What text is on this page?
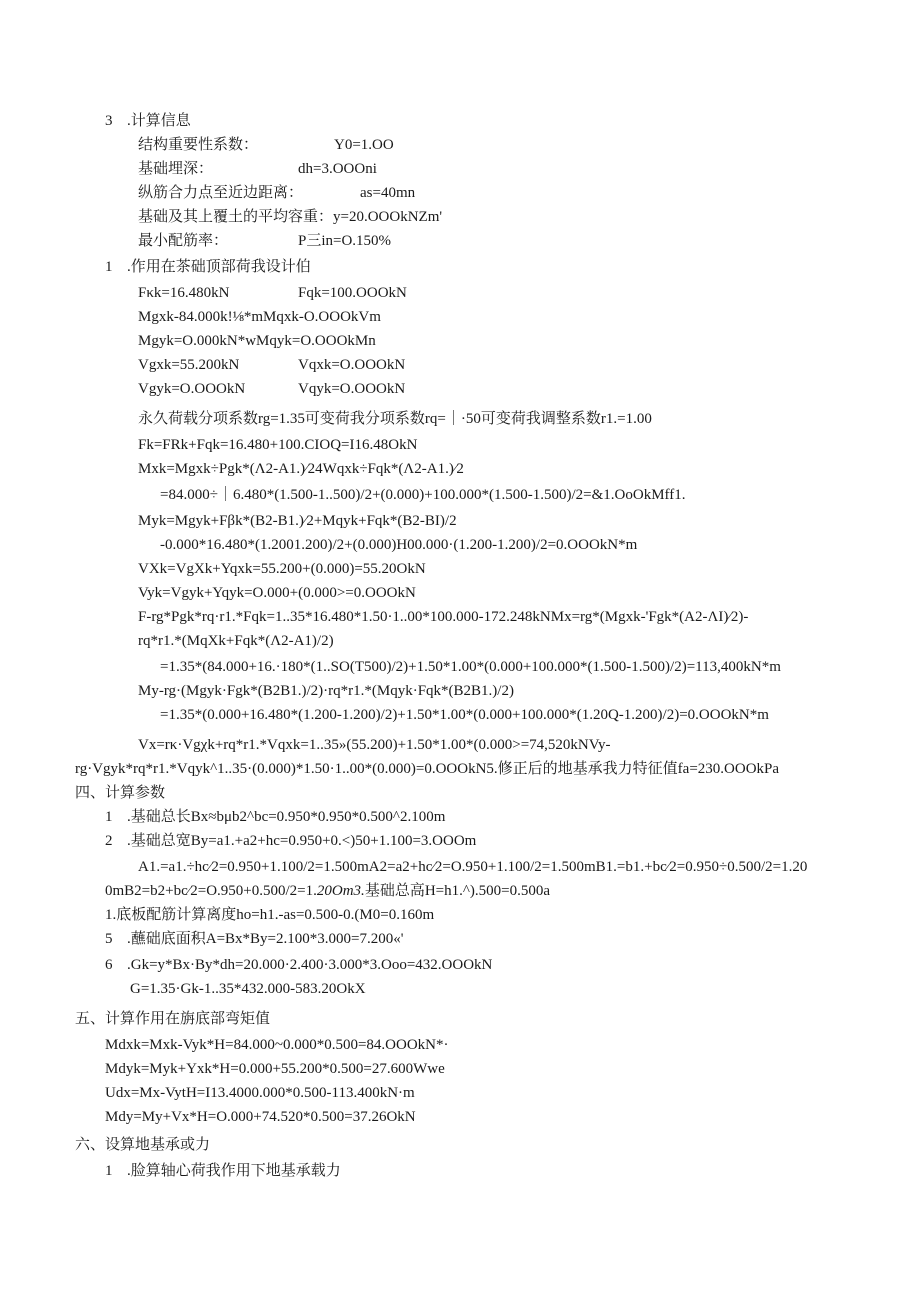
3 .计算信息
结构重要性系数：	Y0=1.OO
基础埋深：	dh=3.OOOni
纵筋合力点至近边距离：	as=40mn
基础及其上覆土的平均容重：y=20.OOOkNZm'
最小配筋率：	P三in=O.150%
1 .作用在茶础顶部荷我设计伯
Fκk=16.480kN	Fqk=100.OOOkN
Mgxk-84.000k!⅛*mMqxk-O.OOOkVm
Mgyk=O.000kN*wMqyk=O.OOOkMn
Vgxk=55.200kN	Vqxk=O.OOOkN
Vgyk=O.OOOkN	Vqyk=O.OOOkN
永久荷载分项系数rg=1.35可变荷我分项系数rq=｜·50可变荷我调整系数r1.=1.00
Fk=FRk+Fqk=16.480+100.CIOQ=I16.48OkN
Mxk=Mgxk÷Pgk*(Λ2-A1.)⁄24Wqxk÷Fqk*(Λ2-A1.)⁄2
=84.000÷｜6.480*(1.500-1..500)/2+(0.000)+100.000*(1.500-1.500)/2=&1.OoOkMff1.
Myk=Mgyk+Fβk*(B2-B1.)⁄2+Mqyk+Fqk*(B2-BI)/2
-0.000*16.480*(1.2001.200)/2+(0.000)H00.000·(1.200-1.200)/2=0.OOOkN*m
VXk=VgXk+Yqxk=55.200+(0.000)=55.20OkN
Vyk=Vgyk+Yqyk=O.000+(0.000>=0.OOOkN
F-rg*Pgk*rq·r1.*Fqk=1..35*16.480*1.50·1..00*100.000-172.248kNMx=rg*(Mgxk-'Fgk*(A2-ΛI)⁄2)-
rq*r1.*(MqXk+Fqk*(Λ2-A1)/2)
=1.35*(84.000+16.·180*(1..SO(T500)/2)+1.50*1.00*(0.000+100.000*(1.500-1.500)/2)=113,400kN*m
My-rg·(Mgyk·Fgk*(B2B1.)/2)·rq*r1.*(Mqyk·Fqk*(B2B1.)/2)
=1.35*(0.000+16.480*(1.200-1.200)/2)+1.50*1.00*(0.000+100.000*(1.20Q-1.200)/2)=0.OOOkN*m
Vx=rκ·Vgχk+rq*r1.*Vqxk=1..35»(55.200)+1.50*1.00*(0.000>=74,520kNVy-
rg·Vgyk*rq*r1.*Vqyk^1..35·(0.000)*1.50·1..00*(0.000)=0.OOOkN5.修正后的地基承我力特征值fa=230.OOOkPa
四、计算参数
1 .基础总长Bx≈bμb2^bc=0.950*0.950*0.500^2.100m
2 .基础总宽By=a1.+a2+hc=0.950+0.<)50+1.100=3.OOOm
A1.=a1.÷hc⁄2=0.950+1.100/2=1.500mA2=a2+hc⁄2=O.950+1.100/2=1.500mB1.=b1.+bc⁄2=0.950÷0.500/2=1.20
0mB2=b2+bc⁄2=O.950+0.500/2=1.20Om3.基础总高H=h1.^).500=0.500a
1.底板配筋计算离度ho=h1.-as=0.500-0.(M0=0.160m
5 .蘸础底面积A=Bx*By=2.100*3.000=7.200«'
6 .Gk=y*Bx·By*dh=20.000·2.400·3.000*3.Ooo=432.OOOkN
G=1.35·Gk-1..35*432.000-583.20OkX
五、计算作用在旃底部弯矩值
Mdxk=Mxk-Vyk*H=84.000~0.000*0.500=84.OOOkN*·
Mdyk=Myk+Yxk*H=0.000+55.200*0.500=27.600Wwe
Udx=Mx-VytH=I13.4000.000*0.500-113.400kN·m
Mdy=My+Vx*H=O.000+74.520*0.500=37.26OkN
六、设算地基承或力
1 .脸算轴心荷我作用下地基承载力
